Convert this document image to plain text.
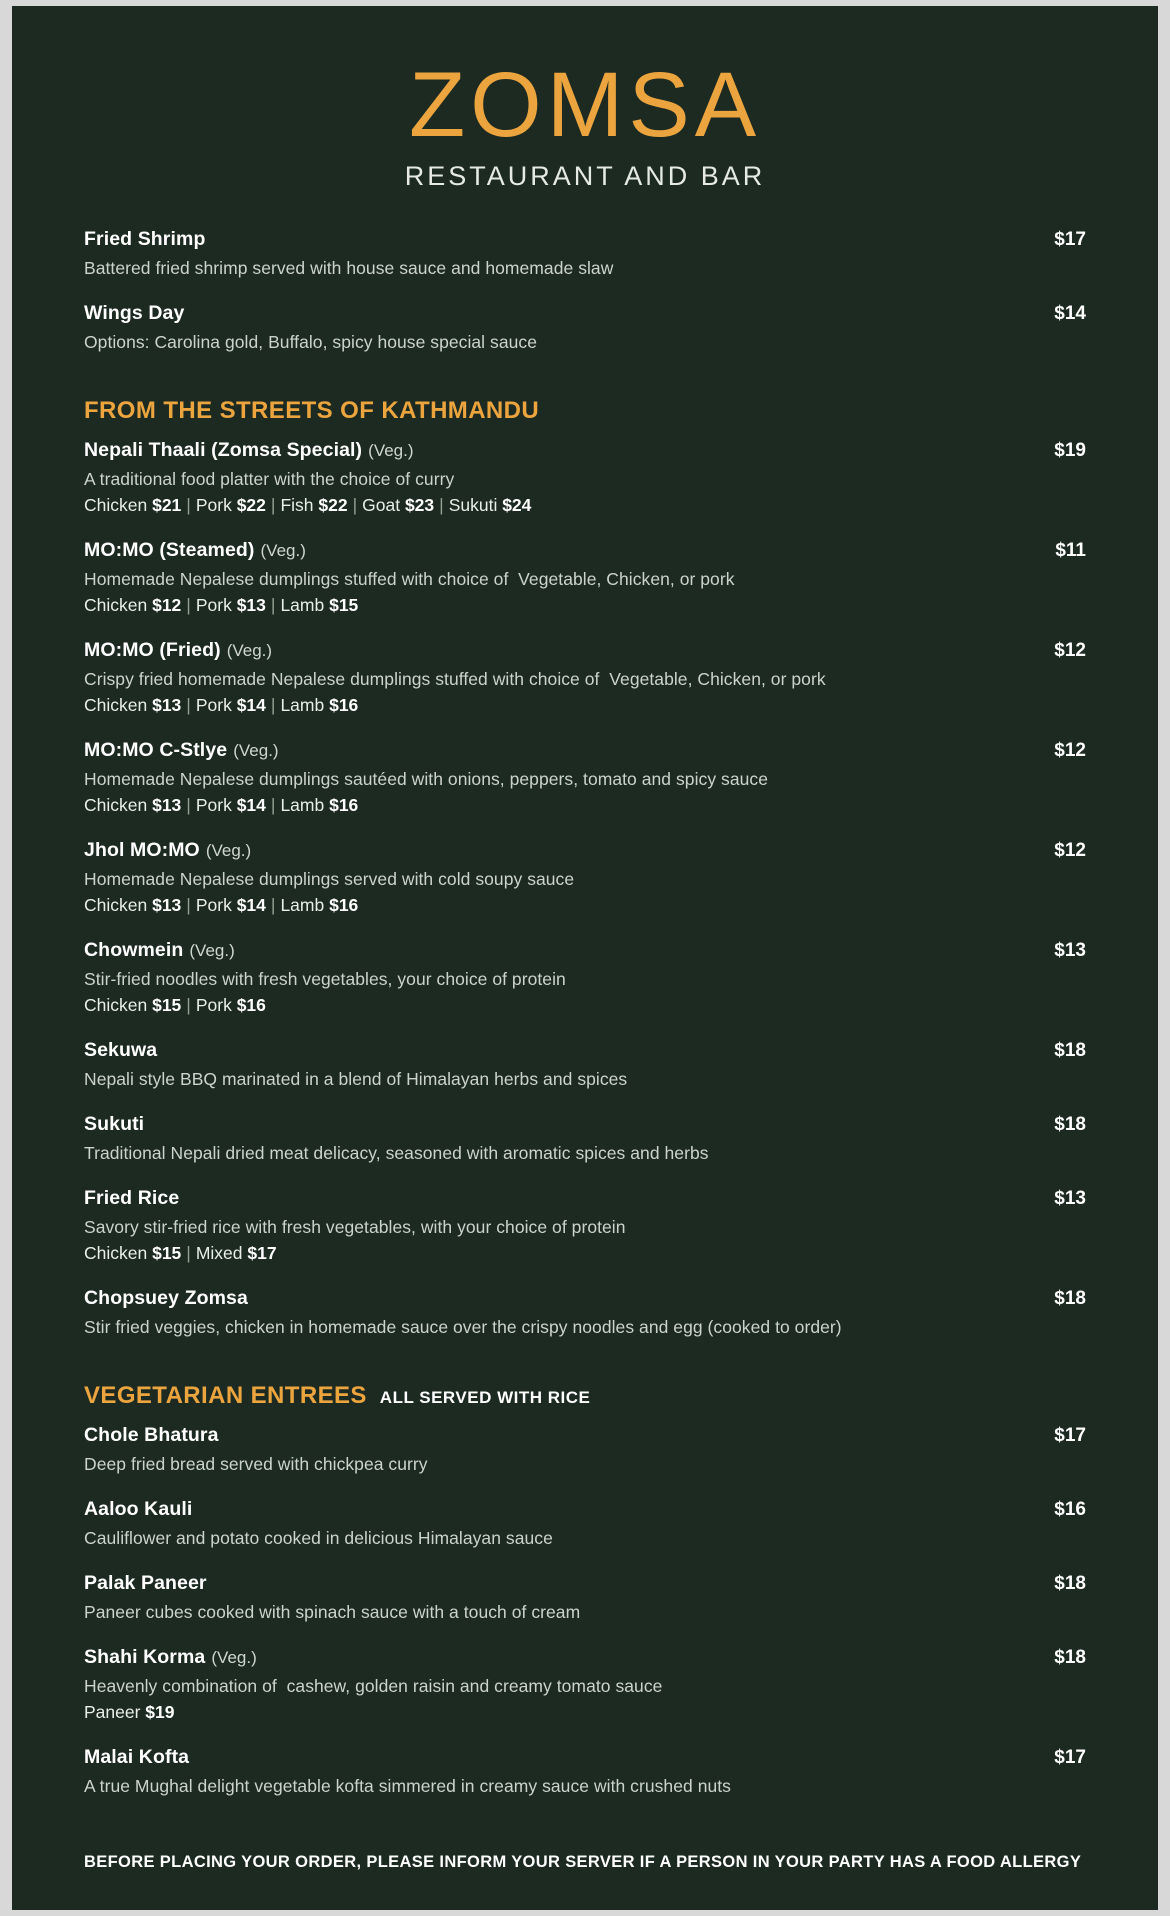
ZOMSA
RESTAURANT AND BAR
Fried Shrimp	$17
Battered fried shrimp served with house sauce and homemade slaw
Wings Day	$14
Options: Carolina gold, Buffalo, spicy house special sauce
FROM THE STREETS OF KATHMANDU
Nepali Thaali (Zomsa Special) (Veg.)	$19
A traditional food platter with the choice of curry
Chicken $21 | Pork $22 | Fish $22 | Goat $23 | Sukuti $24
MO:MO (Steamed) (Veg.)	$11
Homemade Nepalese dumplings stuffed with choice of  Vegetable, Chicken, or pork
Chicken $12 | Pork $13 | Lamb $15
MO:MO (Fried) (Veg.)	$12
Crispy fried homemade Nepalese dumplings stuffed with choice of  Vegetable, Chicken, or pork
Chicken $13 | Pork $14 | Lamb $16
MO:MO C-Stlye (Veg.)	$12
Homemade Nepalese dumplings sautéed with onions, peppers, tomato and spicy sauce
Chicken $13 | Pork $14 | Lamb $16
Jhol MO:MO (Veg.)	$12
Homemade Nepalese dumplings served with cold soupy sauce
Chicken $13 | Pork $14 | Lamb $16
Chowmein (Veg.)	$13
Stir-fried noodles with fresh vegetables, your choice of protein
Chicken $15 | Pork $16
Sekuwa	$18
Nepali style BBQ marinated in a blend of Himalayan herbs and spices
Sukuti	$18
Traditional Nepali dried meat delicacy, seasoned with aromatic spices and herbs
Fried Rice	$13
Savory stir-fried rice with fresh vegetables, with your choice of protein
Chicken $15 | Mixed $17
Chopsuey Zomsa	$18
Stir fried veggies, chicken in homemade sauce over the crispy noodles and egg (cooked to order)
VEGETARIAN ENTREES ALL SERVED WITH RICE
Chole Bhatura	$17
Deep fried bread served with chickpea curry
Aaloo Kauli	$16
Cauliflower and potato cooked in delicious Himalayan sauce
Palak Paneer	$18
Paneer cubes cooked with spinach sauce with a touch of cream
Shahi Korma (Veg.)	$18
Heavenly combination of  cashew, golden raisin and creamy tomato sauce
Paneer $19
Malai Kofta	$17
A true Mughal delight vegetable kofta simmered in creamy sauce with crushed nuts
BEFORE PLACING YOUR ORDER, PLEASE INFORM YOUR SERVER IF A PERSON IN YOUR PARTY HAS A FOOD ALLERGY
